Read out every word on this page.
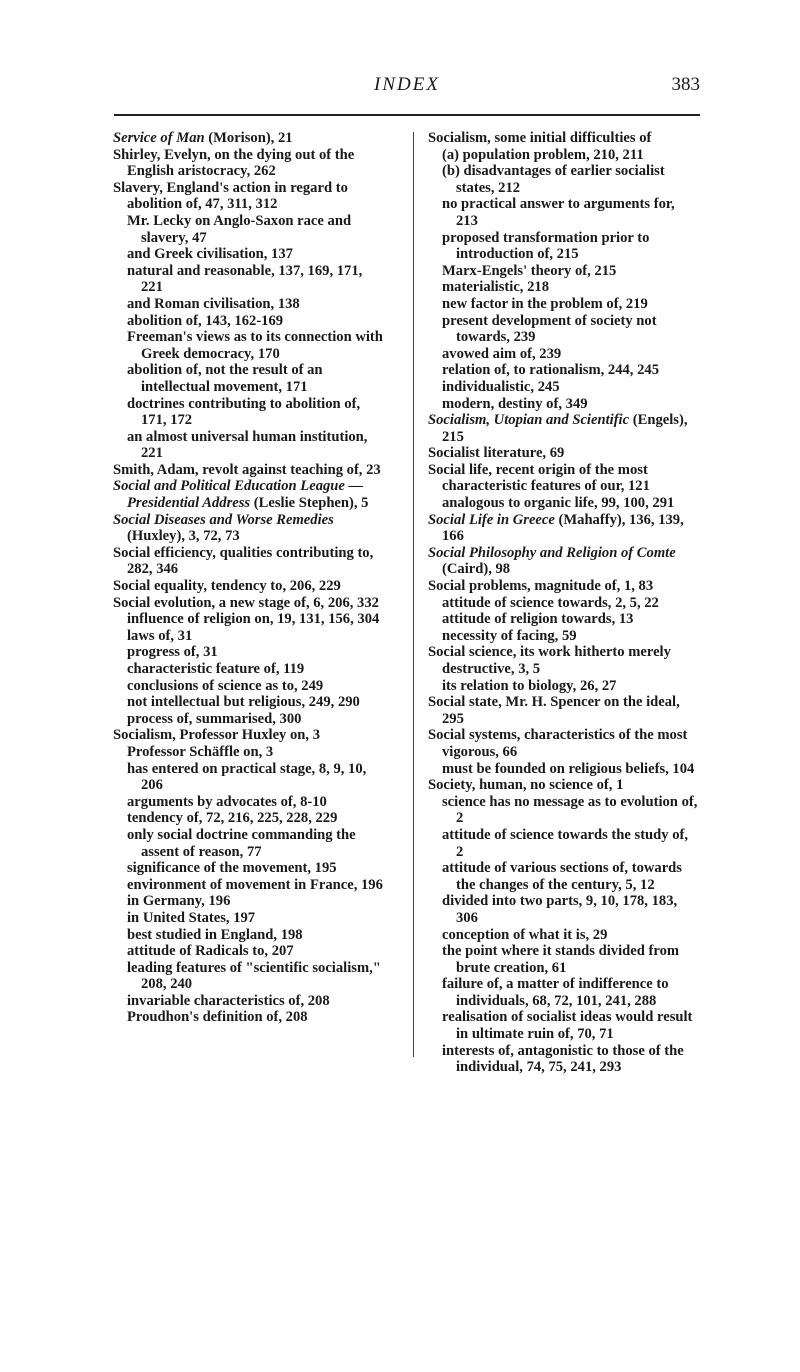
INDEX	383

Service of Man (Morison), 21

Shirley, Evelyn, on the dying out of the English aristocracy, 262

Slavery, England's action in regard to abolition of, 47, 311, 312

Mr. Lecky on Anglo-Saxon race and slavery, 47

and Greek civilisation, 137

natural and reasonable, 137, 169, 171, 221

and Roman civilisation, 138

abolition of, 143, 162-169

Freeman's views as to its connection with Greek democracy, 170

abolition of, not the result of an intellectual movement, 171

doctrines contributing to abolition of, 171, 172

an almost universal human institution, 221

Smith, Adam, revolt against teaching of, 23

Social and Political Education League —Presidential Address (Leslie Stephen), 5

Social Diseases and Worse Remedies (Huxley), 3, 72, 73

Social efficiency, qualities contributing to, 282, 346

Social equality, tendency to, 206, 229

Social evolution, a new stage of, 6, 206, 332

influence of religion on, 19, 131, 156, 304

laws of, 31

progress of, 31

characteristic feature of, 119

conclusions of science as to, 249

not intellectual but religious, 249, 290

process of, summarised, 300

Socialism, Professor Huxley on, 3

Professor Schäffle on, 3

has entered on practical stage, 8, 9, 10, 206

arguments by advocates of, 8-10

tendency of, 72, 216, 225, 228, 229

only social doctrine commanding the assent of reason, 77

significance of the movement, 195

environment of movement in France, 196

in Germany, 196

in United States, 197

best studied in England, 198

attitude of Radicals to, 207

leading features of "scientific socialism," 208, 240

invariable characteristics of, 208

Proudhon's definition of, 208

Socialism, some initial difficulties of

(a) population problem, 210, 211

(b) disadvantages of earlier socialist states, 212

no practical answer to arguments for, 213

proposed transformation prior to introduction of, 215

Marx-Engels' theory of, 215

materialistic, 218

new factor in the problem of, 219

present development of society not towards, 239

avowed aim of, 239

relation of, to rationalism, 244, 245

individualistic, 245

modern, destiny of, 349

Socialism, Utopian and Scientific (Engels), 215

Socialist literature, 69

Social life, recent origin of the most characteristic features of our, 121

analogous to organic life, 99, 100, 291

Social Life in Greece (Mahaffy), 136, 139, 166

Social Philosophy and Religion of Comte (Caird), 98

Social problems, magnitude of, 1, 83

attitude of science towards, 2, 5, 22

attitude of religion towards, 13

necessity of facing, 59

Social science, its work hitherto merely destructive, 3, 5

its relation to biology, 26, 27

Social state, Mr. H. Spencer on the ideal, 295

Social systems, characteristics of the most vigorous, 66

must be founded on religious beliefs, 104

Society, human, no science of, 1

science has no message as to evolution of, 2

attitude of science towards the study of, 2

attitude of various sections of, towards the changes of the century, 5, 12

divided into two parts, 9, 10, 178, 183, 306

conception of what it is, 29

the point where it stands divided from brute creation, 61

failure of, a matter of indifference to individuals, 68, 72, 101, 241, 288

realisation of socialist ideas would result in ultimate ruin of, 70, 71

interests of, antagonistic to those of the individual, 74, 75, 241, 293
